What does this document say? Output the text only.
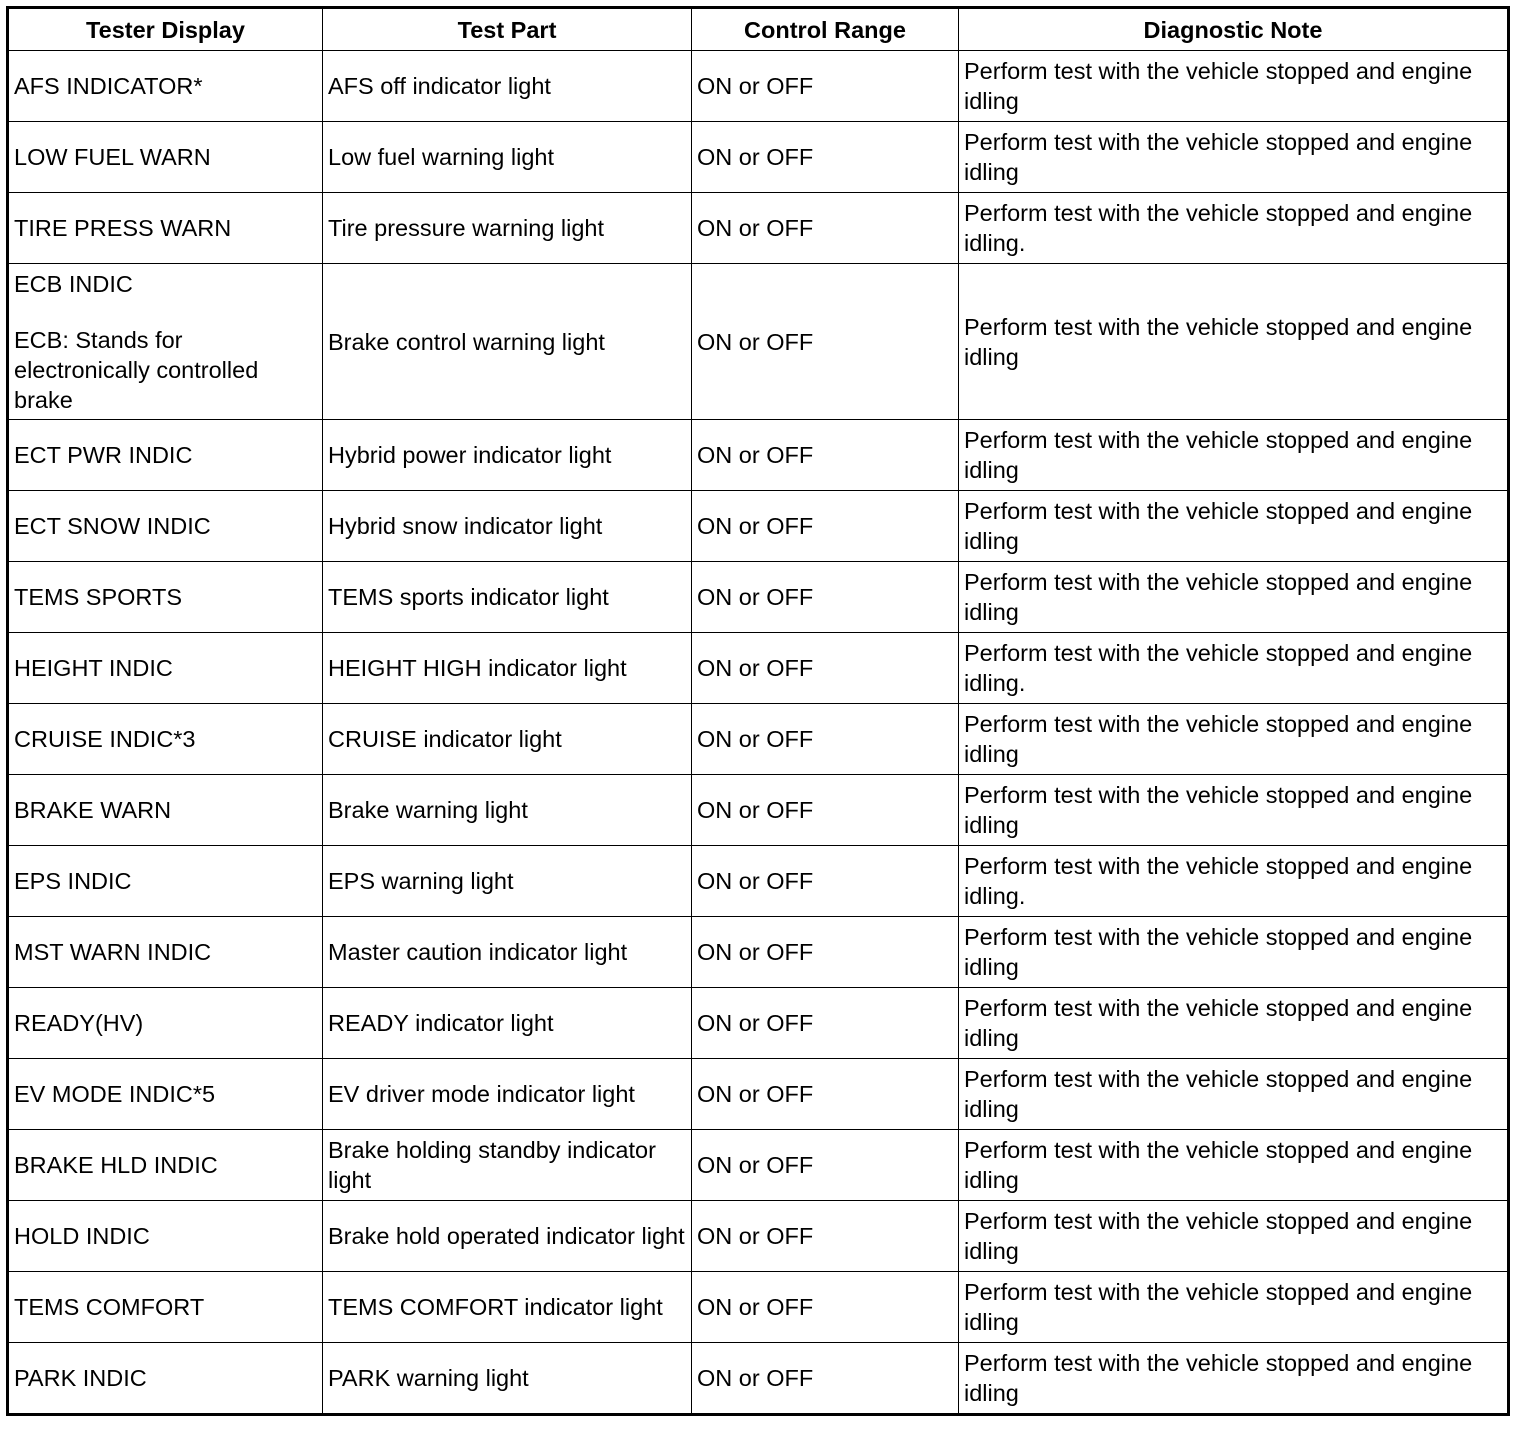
Tester Display	Test Part	Control Range	Diagnostic Note

AFS INDICATOR*	AFS off indicator light	ON or OFF	Perform test with the vehicle stopped and engine idling

LOW FUEL WARN	Low fuel warning light	ON or OFF	Perform test with the vehicle stopped and engine idling

TIRE PRESS WARN	Tire pressure warning light	ON or OFF	Perform test with the vehicle stopped and engine idling.

ECB INDIC
ECB: Stands for electronically controlled brake	Brake control warning light	ON or OFF	Perform test with the vehicle stopped and engine idling

ECT PWR INDIC	Hybrid power indicator light	ON or OFF	Perform test with the vehicle stopped and engine idling

ECT SNOW INDIC	Hybrid snow indicator light	ON or OFF	Perform test with the vehicle stopped and engine idling

TEMS SPORTS	TEMS sports indicator light	ON or OFF	Perform test with the vehicle stopped and engine idling

HEIGHT INDIC	HEIGHT HIGH indicator light	ON or OFF	Perform test with the vehicle stopped and engine idling.

CRUISE INDIC*3	CRUISE indicator light	ON or OFF	Perform test with the vehicle stopped and engine idling

BRAKE WARN	Brake warning light	ON or OFF	Perform test with the vehicle stopped and engine idling

EPS INDIC	EPS warning light	ON or OFF	Perform test with the vehicle stopped and engine idling.

MST WARN INDIC	Master caution indicator light	ON or OFF	Perform test with the vehicle stopped and engine idling

READY(HV)	READY indicator light	ON or OFF	Perform test with the vehicle stopped and engine idling

EV MODE INDIC*5	EV driver mode indicator light	ON or OFF	Perform test with the vehicle stopped and engine idling

BRAKE HLD INDIC	Brake holding standby indicator light	ON or OFF	Perform test with the vehicle stopped and engine idling

HOLD INDIC	Brake hold operated indicator light	ON or OFF	Perform test with the vehicle stopped and engine idling

TEMS COMFORT	TEMS COMFORT indicator light	ON or OFF	Perform test with the vehicle stopped and engine idling

PARK INDIC	PARK warning light	ON or OFF	Perform test with the vehicle stopped and engine idling
